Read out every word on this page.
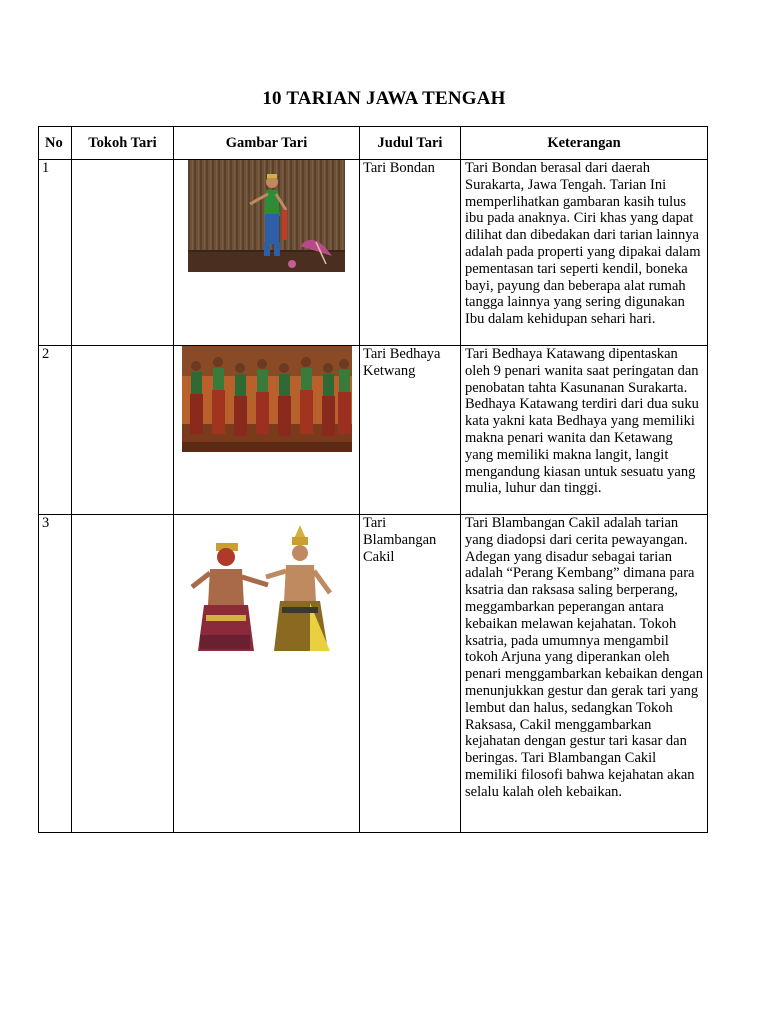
10 TARIAN JAWA TENGAH
No	Tokoh Tari	Gambar Tari	Judul Tari	Keterangan
1			Tari Bondan	Tari Bondan berasal dari daerah Surakarta, Jawa Tengah. Tarian Ini memperlihatkan gambaran kasih tulus ibu pada anaknya. Ciri khas yang dapat dilihat dan dibedakan dari tarian lainnya adalah pada properti yang dipakai dalam pementasan tari seperti kendil, boneka bayi, payung dan beberapa alat rumah tangga lainnya yang sering digunakan Ibu dalam kehidupan sehari hari.
2			Tari Bedhaya Ketwang	Tari Bedhaya Katawang dipentaskan oleh 9 penari wanita saat peringatan dan penobatan tahta Kasunanan Surakarta. Bedhaya Katawang terdiri dari dua suku kata yakni kata Bedhaya yang memiliki makna penari wanita dan Ketawang yang memiliki makna langit, langit mengandung kiasan untuk sesuatu yang mulia, luhur dan tinggi.
3			Tari Blambangan Cakil	Tari Blambangan Cakil adalah tarian yang diadopsi dari cerita pewayangan. Adegan yang disadur sebagai tarian adalah “Perang Kembang” dimana para ksatria dan raksasa saling berperang, meggambarkan peperangan antara kebaikan melawan kejahatan. Tokoh ksatria, pada umumnya mengambil tokoh Arjuna yang diperankan oleh penari menggambarkan kebaikan dengan menunjukkan gestur dan gerak tari yang lembut dan halus, sedangkan Tokoh Raksasa, Cakil menggambarkan kejahatan dengan gestur tari kasar dan beringas. Tari Blambangan Cakil memiliki filosofi bahwa kejahatan akan selalu kalah oleh kebaikan.
